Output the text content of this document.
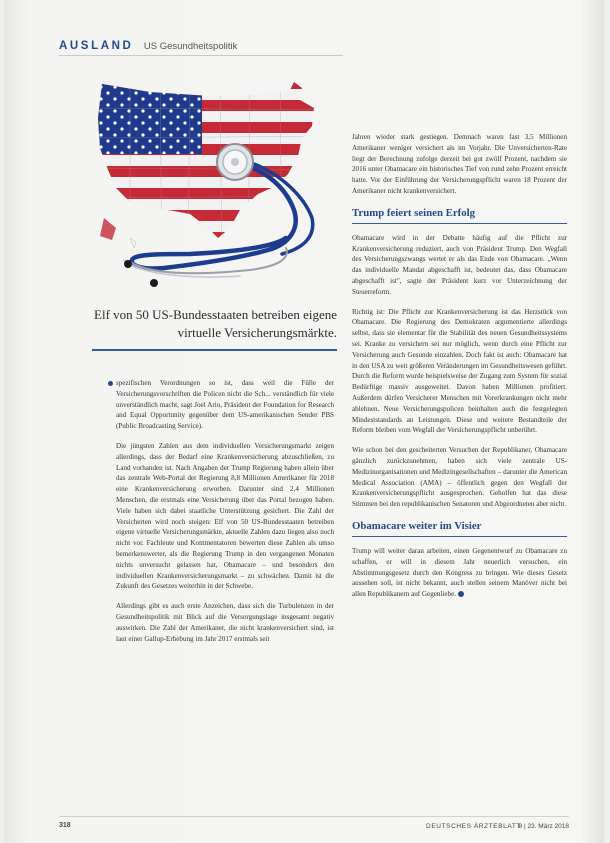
AUSLAND US Gesundheitspolitik
Elf von 50 US-Bundesstaaten betreiben eigene virtuelle Versicherungsmärkte.

spezifischen Verordnungen so ist, dass weil die Fülle der Versicherungsvorschriften die Policen nicht die Sch... verständlich für viele unverständlich macht, sagt Joel Ario, Präsident der Foundation for Research and Equal Opportunity gegenüber dem US-amerikanischen Sender PBS (Public Broadcasting Service).

Die jüngsten Zahlen aus dem individuellen Versicherungsmarkt zeigen allerdings, dass der Bedarf eine Krankenversicherung abzuschließen, zu Land vorhanden ist. Nach Angaben der Trump Regierung haben allein über das zentrale Web-Portal der Regierung 8,8 Millionen Amerikaner für 2018 eine Krankenversicherung erworben. Darunter sind 2,4 Millionen Menschen, die erstmals eine Versicherung über das Portal bezogen haben. Viele haben sich dabei staatliche Unterstützung gesichert. Die Zahl der Versicherten wird noch steigen: Elf von 50 US-Bundesstaaten betreiben eigene virtuelle Versicherungsmärkte, aktuelle Zahlen dazu liegen also noch nicht vor. Fachleute und Kommentatoren bewerten diese Zahlen als umso bemerkenswerter, als die Regierung Trump in den vergangenen Monaten nichts unversucht gelassen hat, Obamacare – und besonders den individuellen Krankenversicherungsmarkt – zu schwächen. Damit ist die Zukunft des Gesetzes weiterhin in der Schwebe.

Allerdings gibt es auch erste Anzeichen, dass sich die Turbulenzen in der Gesundheitspolitik mit Blick auf die Versorgungslage insgesamt negativ auswirken. Die Zahl der Amerikaner, die nicht krankenversichert sind, ist laut einer Gallup-Erhebung im Jahr 2017 erstmals seit

Jahren wieder stark gestiegen. Demnach waren fast 3,5 Millionen Amerikaner weniger versichert als im Vorjahr. Die Unversicherten-Rate liegt der Berechnung zufolge derzeit bei gut zwölf Prozent, nachdem sie 2016 unter Obamacare ein historisches Tief von rund zehn Prozent erreicht hatte. Vor der Einführung der Versicherungspflicht waren 18 Prozent der Amerikaner nicht krankenversichert.

Trump feiert seinen Erfolg

Obamacare wird in der Debatte häufig auf die Pflicht zur Krankenversicherung reduziert, auch von Präsident Trump. Den Wegfall des Versicherungszwangs wertet er als das Ende von Obamacare. „Wenn das individuelle Mandat abgeschafft ist, bedeutet das, dass Obamacare abgeschafft ist", sagte der Präsident kurz vor Unterzeichnung der Steuerreform.

Richtig ist: Die Pflicht zur Krankenversicherung ist das Herzstück von Obamacare. Die Regierung des Demokraten argumentierte allerdings selbst, dass sie elementar für die Stabilität des neuen Gesundheitssystems sei. Kranke zu versichern sei nur möglich, wenn durch eine Pflicht zur Versicherung auch Gesunde einzahlen. Doch fakt ist auch: Obamacare hat in den USA zu weit größeren Veränderungen im Gesundheitswesen geführt. Durch die Reform wurde beispielsweise der Zugang zum System für sozial Bedürftige massiv ausgeweitet. Davon haben Millionen profitiert. Außerdem dürfen Versicherer Menschen mit Vorerkrankungen nicht mehr ablehnen. Neue Versicherungspolicen beinhalten auch die festgelegten Mindeststandards an Leistungen. Diese und weitere Bestandteile der Reform bleiben vom Wegfall der Versicherungspflicht unberührt.

Wie schon bei den gescheiterten Versuchen der Republikaner, Obamacare gänzlich zurückzunehmen, haben sich viele zentrale US-Medizinorganisationen und Medizingesellschaften – darunter die American Medical Association (AMA) – öffentlich gegen den Wegfall der Krankenversicherungspflicht ausgesprochen. Geholfen hat das diese Stimmen bei den republikanischen Senatoren und Abgeordneten aber nicht.

Obamacare weiter im Visier

Trump will weiter daran arbeiten, einen Gegenentwurf zu Obamacare zu schaffen, er will in diesem Jahr neuerlich versuchen, ein Abstimmungsgesetz durch den Kongress zu bringen. Wie dieses Gesetz aussehen soll, ist nicht bekannt, auch stellen seinem Manöver nicht bei allen Republikanern auf Gegenliebe.

318	DEUTSCHES ÄRZTEBLATT
8 | 23. März 2018
